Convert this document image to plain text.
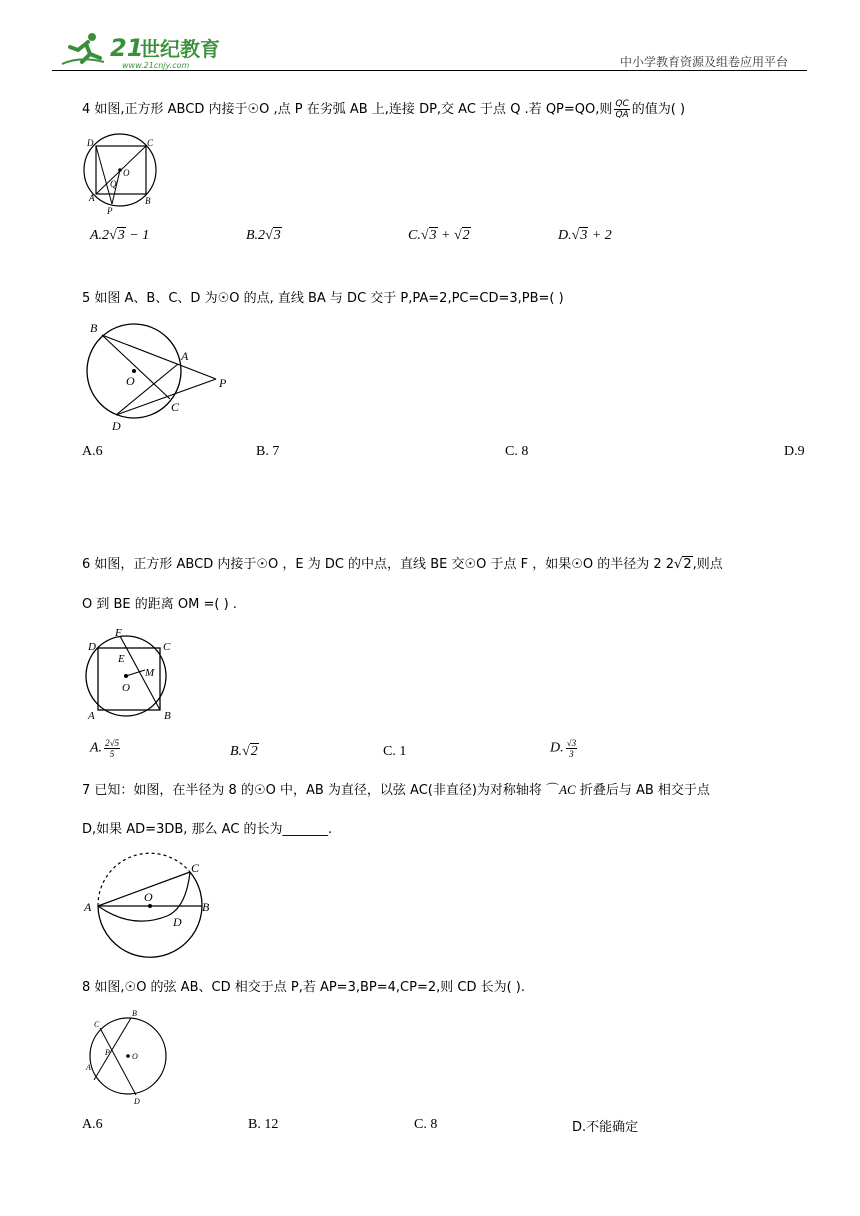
21
世纪教育
www.21cnjy.com	中小学教育资源及组卷应用平台
4 如图,正方形 ABCD 内接于☉O ,点 P 在劣弧 AB 上,连接 DP,交 AC 于点 Q .若 QP=QO,则 $\frac{QC}{QA}$ 的值为( )
D	C
O
Q
A	B
P
A.2√3 − 1	B.2√3	C.√3 + √2	D.√3 + 2
5 如图 A、B、C、D 为☉O 的点, 直线 BA 与 DC 交于 P,PA=2,PC=CD=3,PB=( )
B
A
O	P
C
D
A.6	B. 7	C. 8	D.9
6 如图，正方形 ABCD 内接于☉O ，E 为 DC 的中点，直线 BE 交☉O 于点 F ，如果☉O 的半径为 2 2√2,则点
O 到 BE 的距离 OM =( ) .
F
D	C
E
M
O
A	B
A. $\frac{2√5}{5}$	B.√2	C. 1	D. $\frac{√3}{3}$
7 已知：如图，在半径为 8 的☉O 中，AB 为直径，以弦 AC(非直径)为对称轴将 ⌒AC 折叠后与 AB 相交于点
D,如果 AD=3DB, 那么 AC 的长为_______.
C
O
A
D
B
8 如图,☉O 的弦 AB、CD 相交于点 P,若 AP=3,BP=4,CP=2,则 CD 长为( ).
B
C
P	O
A
D
A.6	B. 12	C. 8	D.不能确定
